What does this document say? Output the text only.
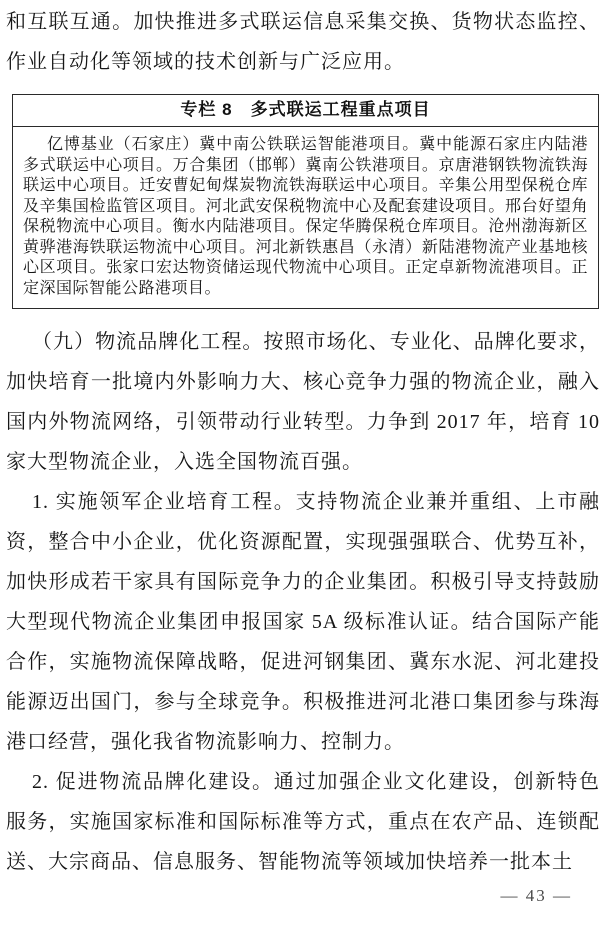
和互联互通。加快推进多式联运信息采集交换、货物状态监控、作业自动化等领域的技术创新与广泛应用。

专栏 8　多式联运工程重点项目

亿博基业（石家庄）冀中南公铁联运智能港项目。冀中能源石家庄内陆港多式联运中心项目。万合集团（邯郸）冀南公铁港项目。京唐港钢铁物流铁海联运中心项目。迁安曹妃甸煤炭物流铁海联运中心项目。辛集公用型保税仓库及辛集国检监管区项目。河北武安保税物流中心及配套建设项目。邢台好望角保税物流中心项目。衡水内陆港项目。保定华腾保税仓库项目。沧州渤海新区黄骅港海铁联运物流中心项目。河北新铁惠昌（永清）新陆港物流产业基地核心区项目。张家口宏达物资储运现代物流中心项目。正定卓新物流港项目。正定深国际智能公路港项目。

（九）物流品牌化工程。按照市场化、专业化、品牌化要求，加快培育一批境内外影响力大、核心竞争力强的物流企业，融入国内外物流网络，引领带动行业转型。力争到 2017 年，培育 10 家大型物流企业，入选全国物流百强。

1. 实施领军企业培育工程。支持物流企业兼并重组、上市融资，整合中小企业，优化资源配置，实现强强联合、优势互补，加快形成若干家具有国际竞争力的企业集团。积极引导支持鼓励大型现代物流企业集团申报国家 5A 级标准认证。结合国际产能合作，实施物流保障战略，促进河钢集团、冀东水泥、河北建投能源迈出国门，参与全球竞争。积极推进河北港口集团参与珠海港口经营，强化我省物流影响力、控制力。

2. 促进物流品牌化建设。通过加强企业文化建设，创新特色服务，实施国家标准和国际标准等方式，重点在农产品、连锁配送、大宗商品、信息服务、智能物流等领域加快培养一批本土

— 43 —
